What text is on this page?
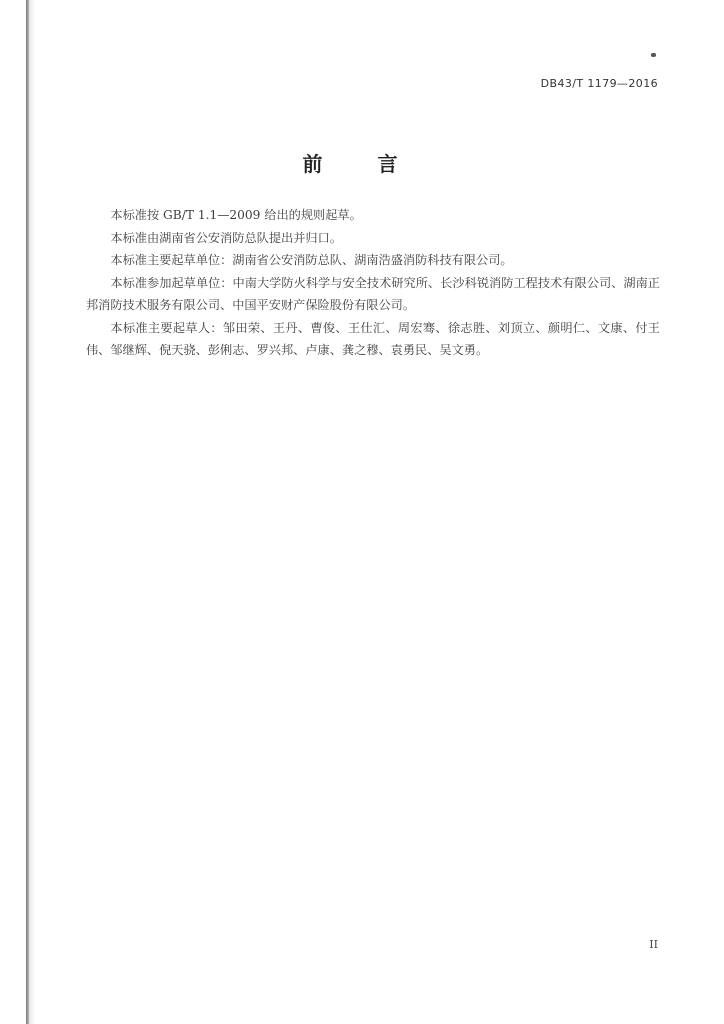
DB43/T 1179—2016
前 言

本标准按 GB/T 1.1—2009 给出的规则起草。

本标准由湖南省公安消防总队提出并归口。

本标准主要起草单位：湖南省公安消防总队、湖南浩盛消防科技有限公司。

本标准参加起草单位：中南大学防火科学与安全技术研究所、长沙科锐消防工程技术有限公司、湖南正邦消防技术服务有限公司、中国平安财产保险股份有限公司。

本标准主要起草人：邹田荣、王丹、曹俊、王仕汇、周宏骞、徐志胜、刘顶立、颜明仁、文康、付王伟、邹继辉、倪天骁、彭俐志、罗兴邦、卢康、龚之穆、袁勇民、吴文勇。

II
